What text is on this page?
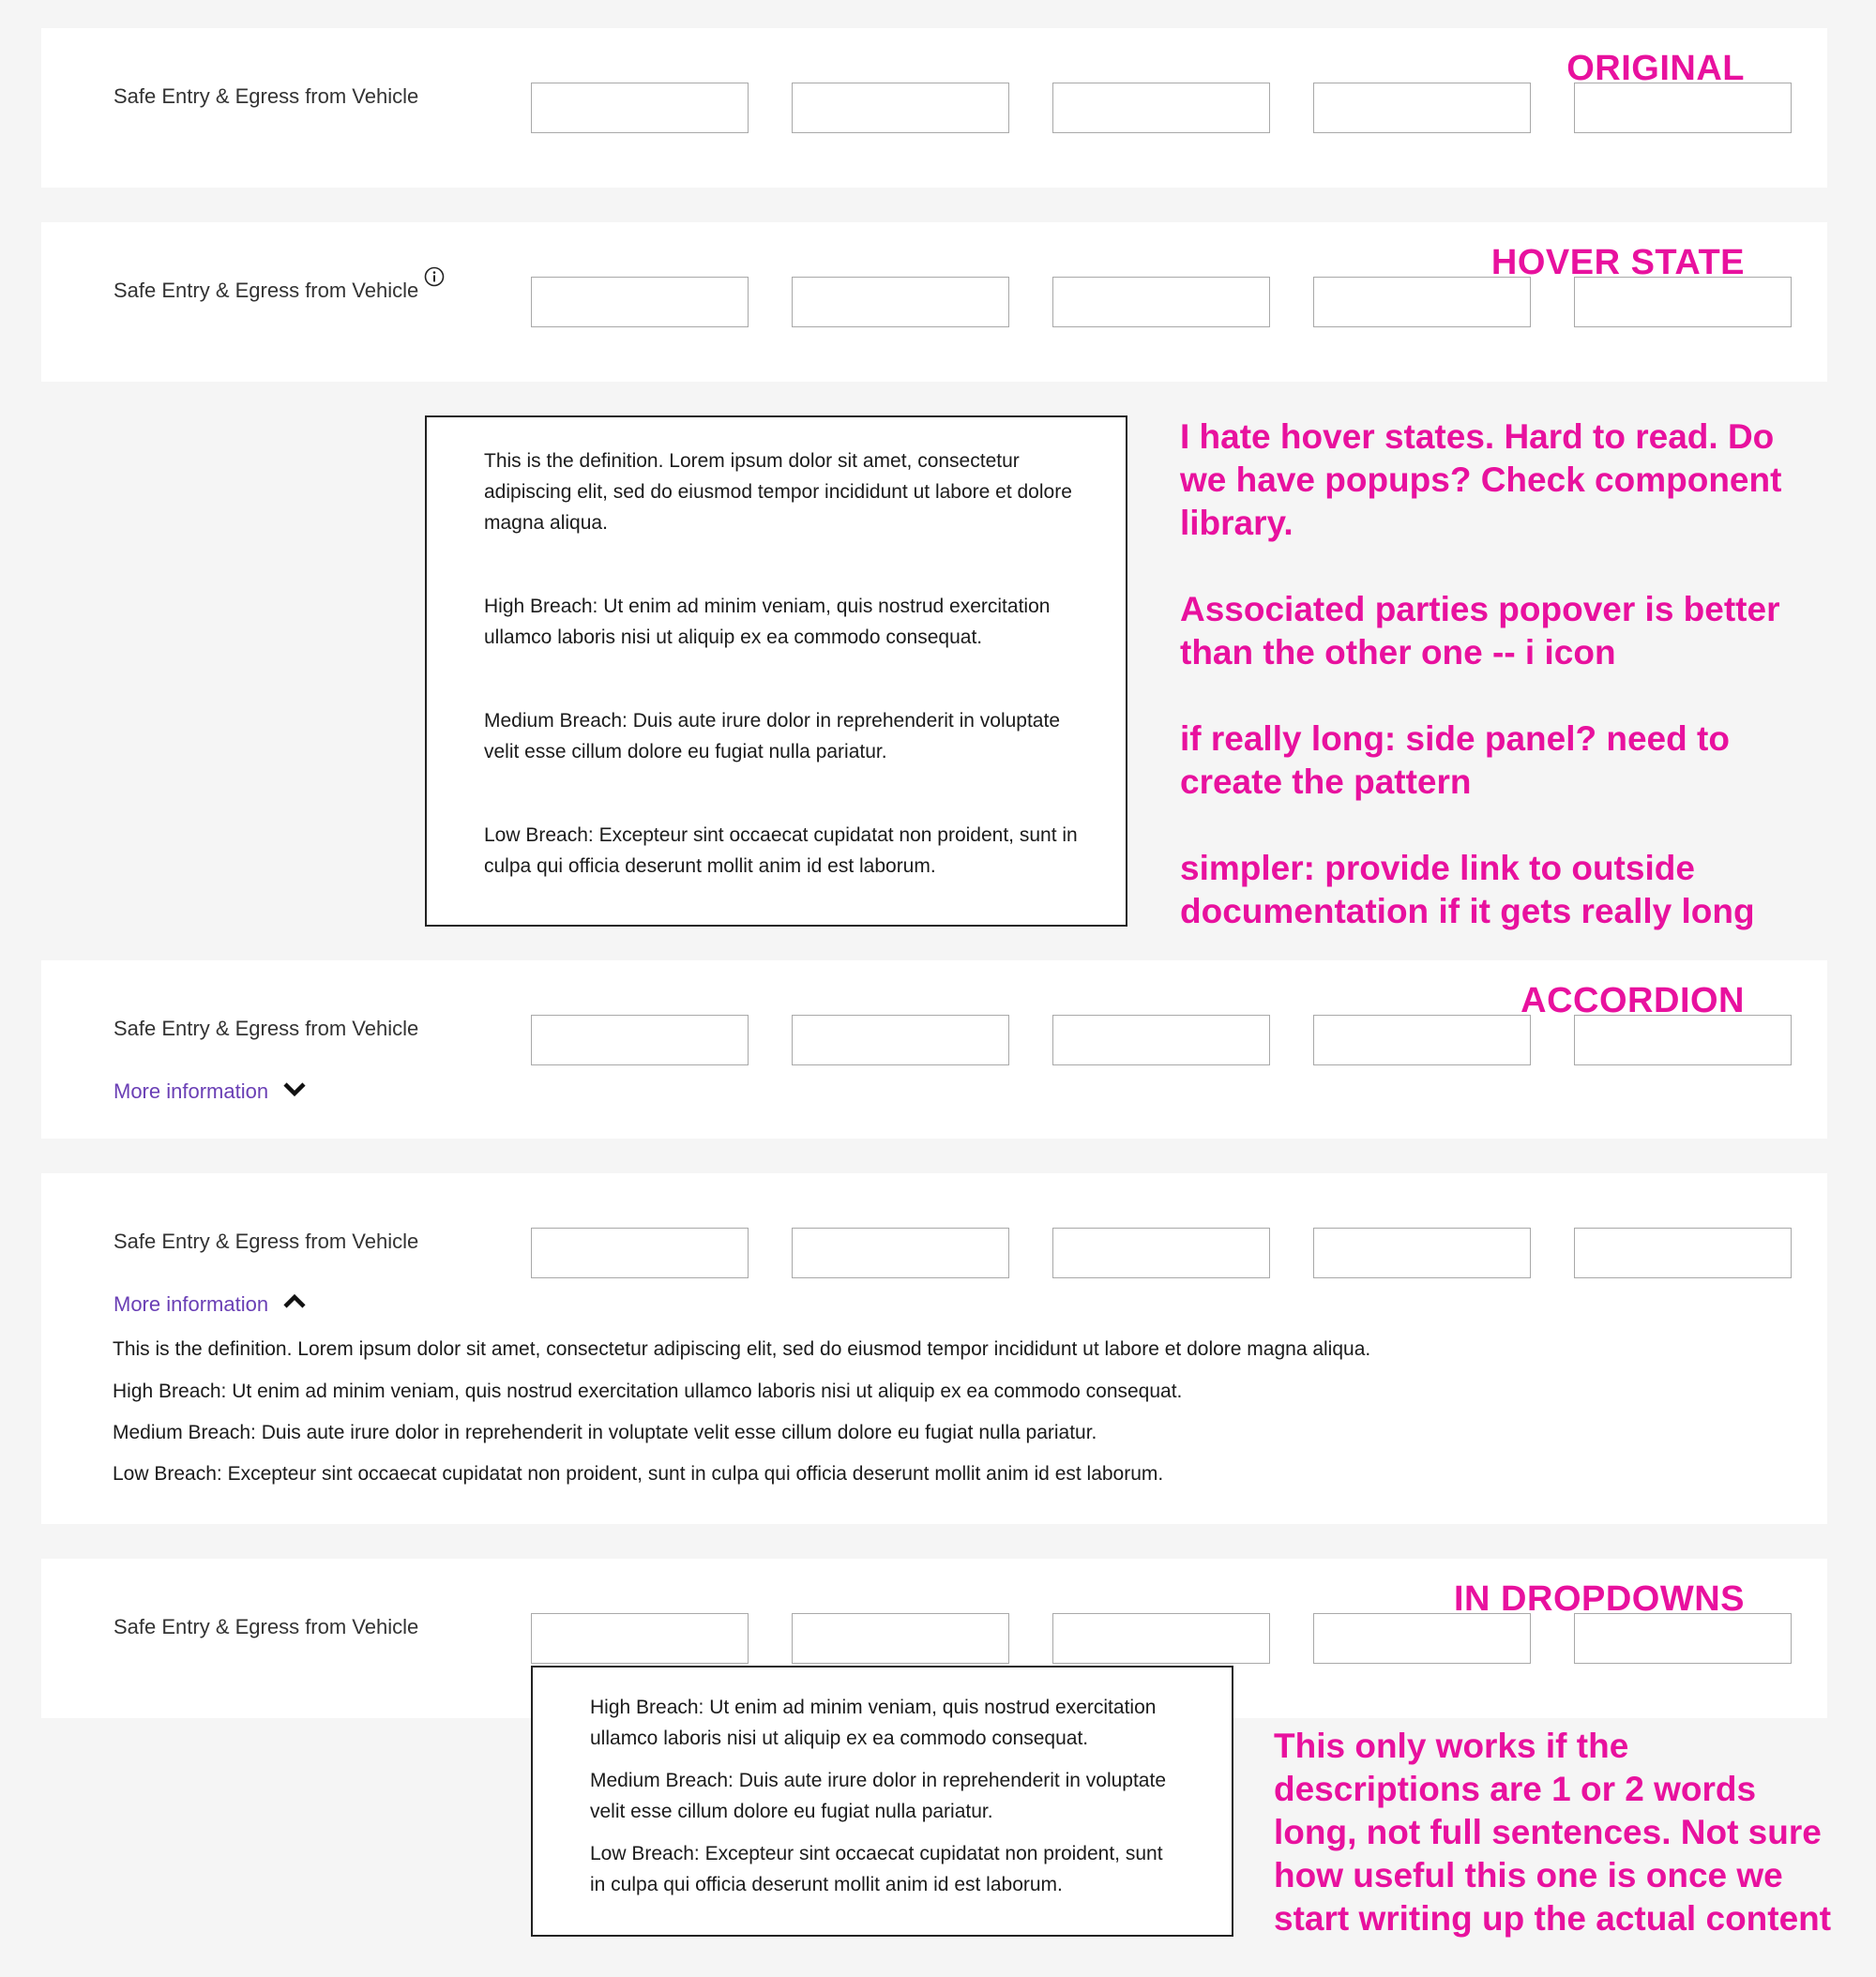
Safe Entry & Egress from Vehicle
ORIGINAL
Safe Entry & Egress from Vehicle
HOVER STATE

This is the definition. Lorem ipsum dolor sit amet, consectetur adipiscing elit, sed do eiusmod tempor incididunt ut labore et dolore magna aliqua.

High Breach: Ut enim ad minim veniam, quis nostrud exercitation ullamco laboris nisi ut aliquip ex ea commodo consequat.

Medium Breach: Duis aute irure dolor in reprehenderit in voluptate velit esse cillum dolore eu fugiat nulla pariatur.

Low Breach: Excepteur sint occaecat cupidatat non proident, sunt in culpa qui officia deserunt mollit anim id est laborum.

I hate hover states. Hard to read. Do we have popups? Check component library.

Associated parties popover is better than the other one -- i icon

if really long: side panel? need to create the pattern

simpler: provide link to outside documentation if it gets really long

Safe Entry & Egress from Vehicle
More information
ACCORDION
Safe Entry & Egress from Vehicle
More information

This is the definition. Lorem ipsum dolor sit amet, consectetur adipiscing elit, sed do eiusmod tempor incididunt ut labore et dolore magna aliqua.

High Breach: Ut enim ad minim veniam, quis nostrud exercitation ullamco laboris nisi ut aliquip ex ea commodo consequat.

Medium Breach: Duis aute irure dolor in reprehenderit in voluptate velit esse cillum dolore eu fugiat nulla pariatur.

Low Breach: Excepteur sint occaecat cupidatat non proident, sunt in culpa qui officia deserunt mollit anim id est laborum.

Safe Entry & Egress from Vehicle
IN DROPDOWNS

High Breach: Ut enim ad minim veniam, quis nostrud exercitation ullamco laboris nisi ut aliquip ex ea commodo consequat.

Medium Breach: Duis aute irure dolor in reprehenderit in voluptate velit esse cillum dolore eu fugiat nulla pariatur.

Low Breach: Excepteur sint occaecat cupidatat non proident, sunt in culpa qui officia deserunt mollit anim id est laborum.

This only works if the descriptions are 1 or 2 words long, not full sentences. Not sure how useful this one is once we start writing up the actual content
